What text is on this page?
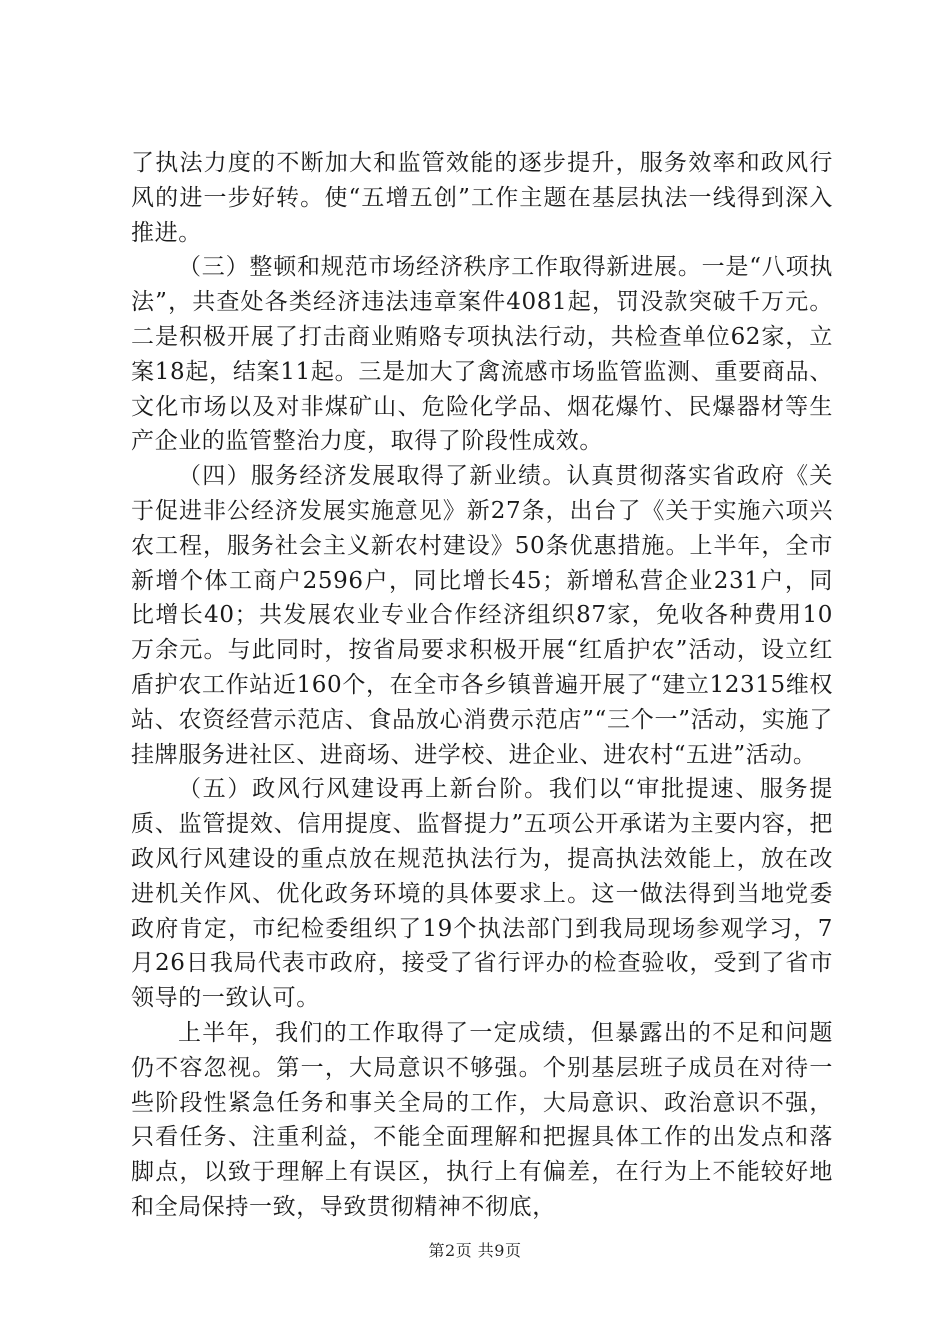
了执法力度的不断加大和监管效能的逐步提升，服务效率和政风行风的进一步好转。使“五增五创”工作主题在基层执法一线得到深入推进。

（三）整顿和规范市场经济秩序工作取得新进展。一是“八项执法”，共查处各类经济违法违章案件4081起，罚没款突破千万元。二是积极开展了打击商业贿赂专项执法行动，共检查单位62家，立案18起，结案11起。三是加大了禽流感市场监管监测、重要商品、文化市场以及对非煤矿山、危险化学品、烟花爆竹、民爆器材等生产企业的监管整治力度，取得了阶段性成效。

（四）服务经济发展取得了新业绩。认真贯彻落实省政府《关于促进非公经济发展实施意见》新27条，出台了《关于实施六项兴农工程，服务社会主义新农村建设》50条优惠措施。上半年，全市新增个体工商户2596户，同比增长45；新增私营企业231户，同比增长40；共发展农业专业合作经济组织87家，免收各种费用10万余元。与此同时，按省局要求积极开展“红盾护农”活动，设立红盾护农工作站近160个，在全市各乡镇普遍开展了“建立12315维权站、农资经营示范店、食品放心消费示范店”“三个一”活动，实施了挂牌服务进社区、进商场、进学校、进企业、进农村“五进”活动。

（五）政风行风建设再上新台阶。我们以“审批提速、服务提质、监管提效、信用提度、监督提力”五项公开承诺为主要内容，把政风行风建设的重点放在规范执法行为，提高执法效能上，放在改进机关作风、优化政务环境的具体要求上。这一做法得到当地党委政府肯定，市纪检委组织了19个执法部门到我局现场参观学习，7月26日我局代表市政府，接受了省行评办的检查验收，受到了省市领导的一致认可。

上半年，我们的工作取得了一定成绩，但暴露出的不足和问题仍不容忽视。第一，大局意识不够强。个别基层班子成员在对待一些阶段性紧急任务和事关全局的工作，大局意识、政治意识不强，只看任务、注重利益，不能全面理解和把握具体工作的出发点和落脚点，以致于理解上有误区，执行上有偏差，在行为上不能较好地和全局保持一致，导致贯彻精神不彻底，

第2页 共9页
